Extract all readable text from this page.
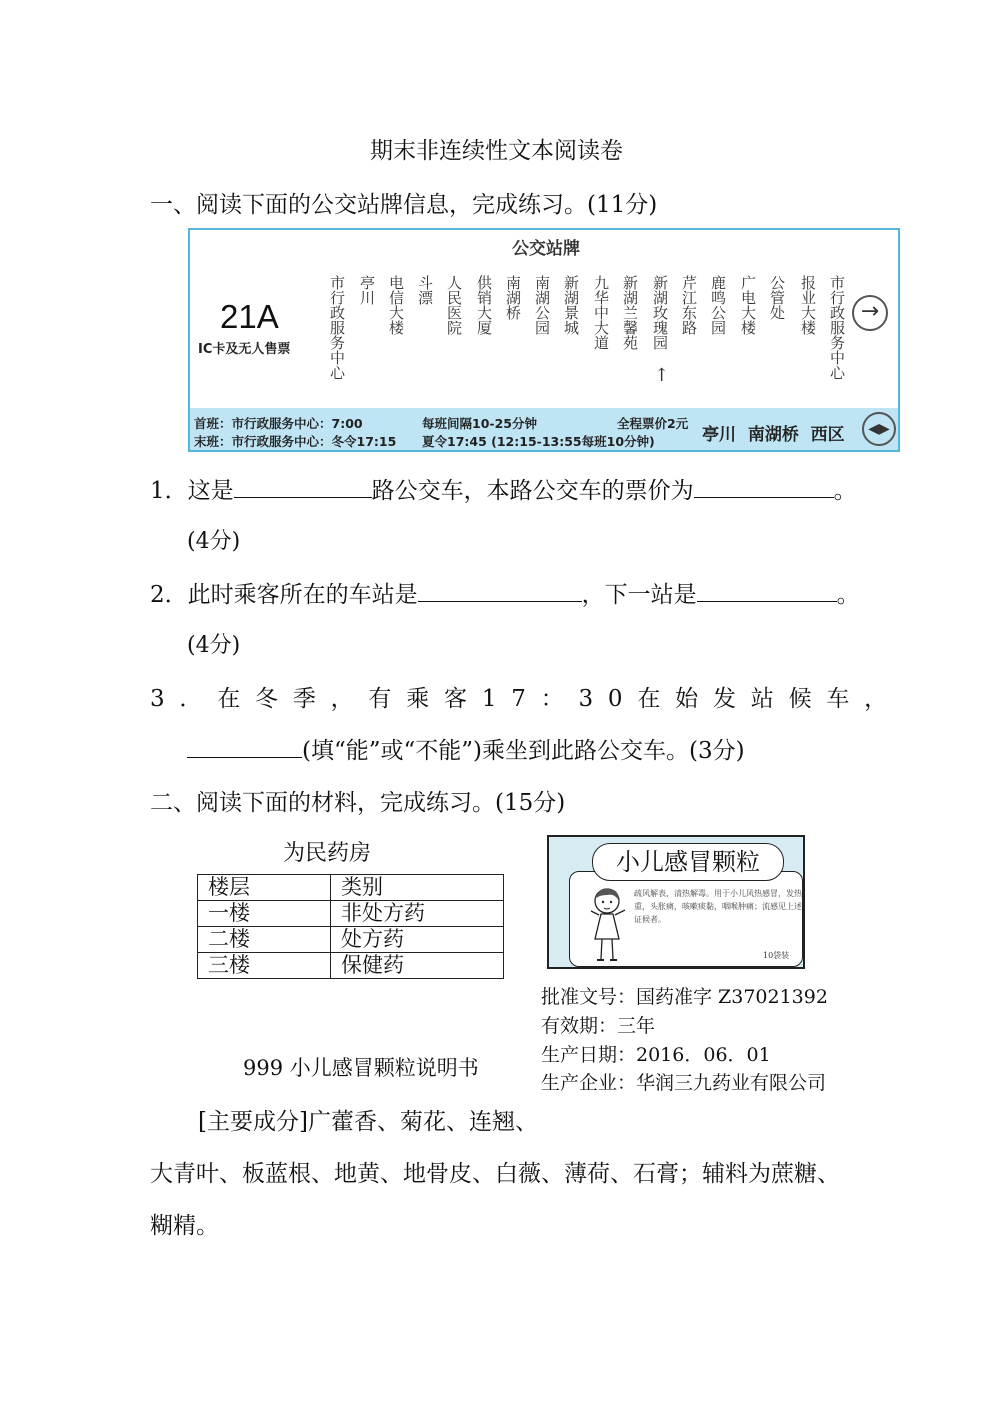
期末非连续性文本阅读卷
一、阅读下面的公交站牌信息，完成练习。(11分)
公交站牌
21A
IC卡及无人售票	市行政服务中心 亭川 电信大楼 斗漂 人民医院 供销大厦 南湖桥 南湖公园 新湖景城 九华中大道 新湖兰馨苑 新湖玫瑰园
↑
芹江东路 鹿鸣公园 广电大楼 公管处 报业大楼 市行政服务中心 →
首班：市行政服务中心：7:00
末班：市行政服务中心：冬令17:15
每班间隔10-25分钟
夏令17:45 (12:15-13:55每班10分钟)
全程票价2元
亭川  南湖桥  西区	◀▶
1．这是	路公交车，本路公交车的票价为	。
(4分)
2．此时乘客所在的车站是	，下一站是	。
(4分)
3．在冬季，有乘客17：30在始发站候车，
(填“能”或“不能”)乘坐到此路公交车。(3分)
二、阅读下面的材料，完成练习。(15分)
为民药房
楼层	类别
一楼	非处方药
二楼	处方药
三楼	保健药
小儿感冒颗粒
疏风解表，清热解毒。用于小儿风热感冒，发热重，头胀痛，咳嗽痰黏，咽喉肿痛；流感见上述证候者。
10袋装
批准文号：国药准字 Z37021392
有效期：三年
生产日期：2016．06．01
生产企业：华润三九药业有限公司
999 小儿感冒颗粒说明书
[主要成分]广藿香、菊花、连翘、
大青叶、板蓝根、地黄、地骨皮、白薇、薄荷、石膏；辅料为蔗糖、
糊精。
